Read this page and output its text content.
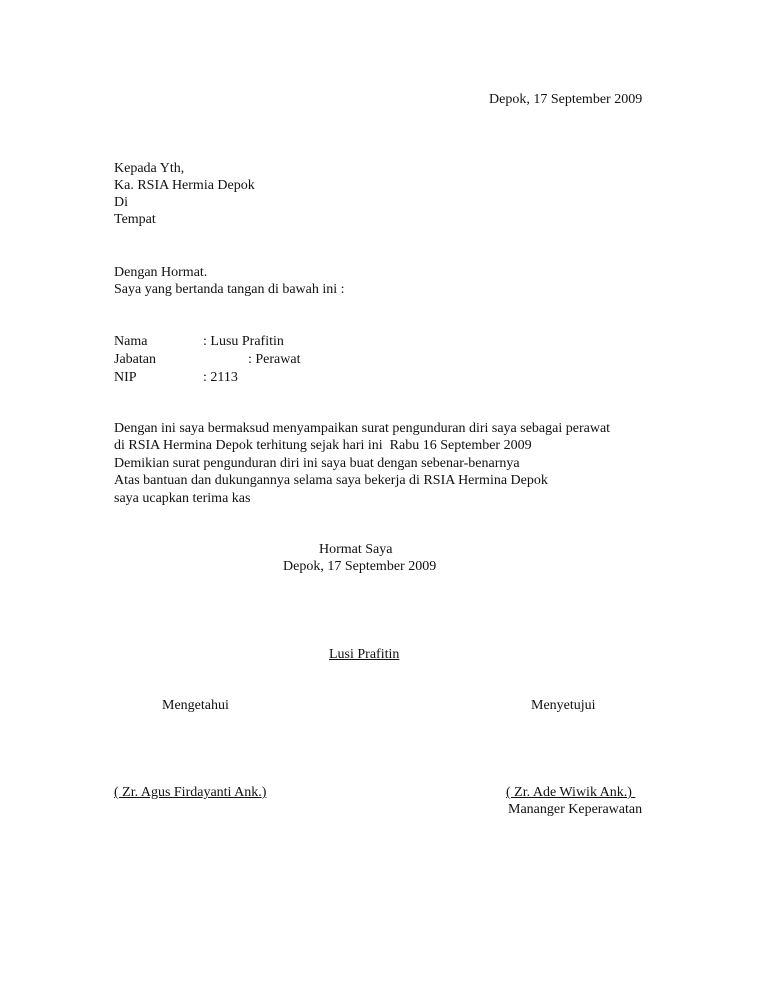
Depok, 17 September 2009
Kepada Yth,
Ka. RSIA Hermia Depok
Di
Tempat
Dengan Hormat.
Saya yang bertanda tangan di bawah ini :
Nama	: Lusu Prafitin
Jabatan	: Perawat
NIP	: 2113
Dengan ini saya bermaksud menyampaikan surat pengunduran diri saya sebagai perawat
di RSIA Hermina Depok terhitung sejak hari ini  Rabu 16 September 2009
Demikian surat pengunduran diri ini saya buat dengan sebenar-benarnya
Atas bantuan dan dukungannya selama saya bekerja di RSIA Hermina Depok
saya ucapkan terima kas
Hormat Saya
Depok, 17 September 2009
Lusi Prafitin
Mengetahui	Menyetujui
( Zr. Agus Firdayanti Ank.)	( Zr. Ade Wiwik Ank.)
Mananger Keperawatan
